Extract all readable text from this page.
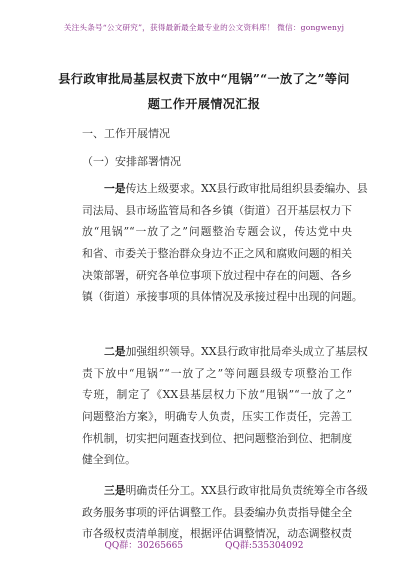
关注头条号“公文研究”，获得最新最全最专业的公文资料库！ 微信：gongwenyj
县行政审批局基层权责下放中“甩锅”“一放了之”等问
题工作开展情况汇报
一、工作开展情况
（一）安排部署情况
一是传达上级要求。XX县行政审批局组织县委编办、县
司法局、县市场监管局和各乡镇（街道）召开基层权力下
放“甩锅”“一放了之”问题整治专题会议，传达党中央
和省、市委关于整治群众身边不正之风和腐败问题的相关
决策部署，研究各单位事项下放过程中存在的问题、各乡
镇（街道）承接事项的具体情况及承接过程中出现的问题。
二是加强组织领导。XX县行政审批局牵头成立了基层权
责下放中“甩锅”“一放了之”等问题县级专项整治工作
专班，制定了《XX县基层权力下放“甩锅”“一放了之”
问题整治方案》，明确专人负责，压实工作责任，完善工
作机制，切实把问题查找到位、把问题整治到位、把制度
健全到位。
三是明确责任分工。XX县行政审批局负责统筹全市各级
政务服务事项的评估调整工作。县委编办负责指导健全全
市各级权责清单制度，根据评估调整情况，动态调整权责
QQ群：30265665	QQ群:535304092
